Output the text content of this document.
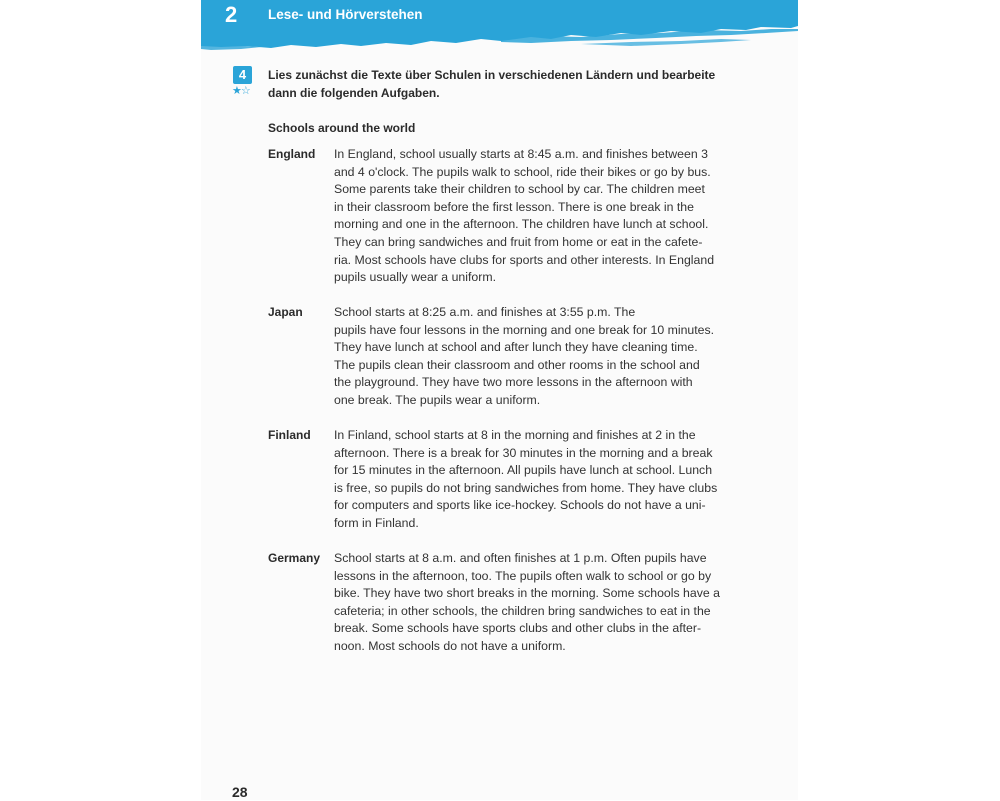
2 Lese- und Hörverstehen
4
★☆
Lies zunächst die Texte über Schulen in verschiedenen Ländern und bearbeite
dann die folgenden Aufgaben.
Schools around the world
England In England, school usually starts at 8:45 a.m. and finishes between 3
and 4 o'clock. The pupils walk to school, ride their bikes or go by bus.
Some parents take their children to school by car. The children meet
in their classroom before the first lesson. There is one break in the
morning and one in the afternoon. The children have lunch at school.
They can bring sandwiches and fruit from home or eat in the cafete-
ria. Most schools have clubs for sports and other interests. In England
pupils usually wear a uniform.
Japan	School starts at 8:25 a.m. and finishes at 3:55 p.m. The
pupils have four lessons in the morning and one break for 10 minutes.
They have lunch at school and after lunch they have cleaning time.
The pupils clean their classroom and other rooms in the school and
the playground. They have two more lessons in the afternoon with
one break. The pupils wear a uniform.
Finland In Finland, school starts at 8 in the morning and finishes at 2 in the
afternoon. There is a break for 30 minutes in the morning and a break
for 15 minutes in the afternoon. All pupils have lunch at school. Lunch
is free, so pupils do not bring sandwiches from home. They have clubs
for computers and sports like ice-hockey. Schools do not have a uni-
form in Finland.
Germany School starts at 8 a.m. and often finishes at 1 p.m. Often pupils have
lessons in the afternoon, too. The pupils often walk to school or go by
bike. They have two short breaks in the morning. Some schools have a
cafeteria; in other schools, the children bring sandwiches to eat in the
break. Some schools have sports clubs and other clubs in the after-
noon. Most schools do not have a uniform.
28
